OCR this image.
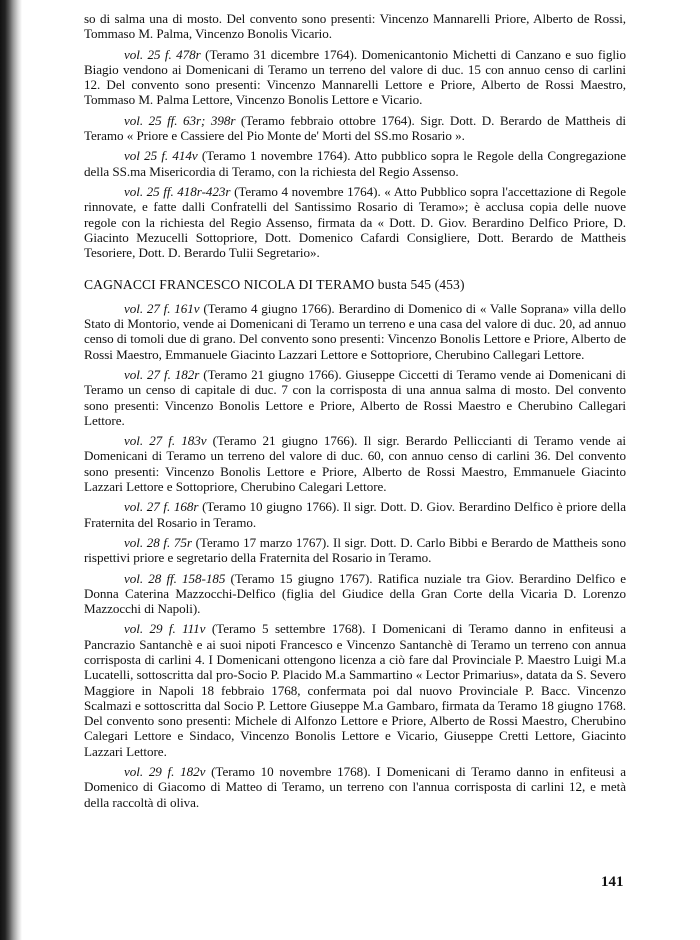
so di salma una di mosto. Del convento sono presenti: Vincenzo Mannarelli Priore, Alberto de Rossi, Tommaso M. Palma, Vincenzo Bonolis Vicario.

vol. 25 f. 478r (Teramo 31 dicembre 1764). Domenicantonio Michetti di Canzano e suo figlio Biagio vendono ai Domenicani di Teramo un terreno del valore di duc. 15 con annuo censo di carlini 12. Del convento sono presenti: Vincenzo Mannarelli Lettore e Priore, Alberto de Rossi Maestro, Tommaso M. Palma Lettore, Vincenzo Bonolis Lettore e Vicario.

vol. 25 ff. 63r; 398r (Teramo febbraio ottobre 1764). Sigr. Dott. D. Berardo de Mattheis di Teramo « Priore e Cassiere del Pio Monte de' Morti del SS.mo Rosario ».

vol 25 f. 414v (Teramo 1 novembre 1764). Atto pubblico sopra le Regole della Congregazione della SS.ma Misericordia di Teramo, con la richiesta del Regio Assenso.

vol. 25 ff. 418r-423r (Teramo 4 novembre 1764). « Atto Pubblico sopra l'accettazione di Regole rinnovate, e fatte dalli Confratelli del Santissimo Rosario di Teramo»; è acclusa copia delle nuove regole con la richiesta del Regio Assenso, firmata da « Dott. D. Giov. Berardino Delfico Priore, D. Giacinto Mezucelli Sottopriore, Dott. Domenico Cafardi Consigliere, Dott. Berardo de Mattheis Tesoriere, Dott. D. Berardo Tulii Segretario».

CAGNACCI FRANCESCO NICOLA DI TERAMO busta 545 (453)

vol. 27 f. 161v (Teramo 4 giugno 1766). Berardino di Domenico di « Valle Soprana» villa dello Stato di Montorio, vende ai Domenicani di Teramo un terreno e una casa del valore di duc. 20, ad annuo censo di tomoli due di grano. Del convento sono presenti: Vincenzo Bonolis Lettore e Priore, Alberto de Rossi Maestro, Emmanuele Giacinto Lazzari Lettore e Sottopriore, Cherubino Callegari Lettore.

vol. 27 f. 182r (Teramo 21 giugno 1766). Giuseppe Ciccetti di Teramo vende ai Domenicani di Teramo un censo di capitale di duc. 7 con la corrisposta di una annua salma di mosto. Del convento sono presenti: Vincenzo Bonolis Lettore e Priore, Alberto de Rossi Maestro e Cherubino Callegari Lettore.

vol. 27 f. 183v (Teramo 21 giugno 1766). Il sigr. Berardo Pelliccianti di Teramo vende ai Domenicani di Teramo un terreno del valore di duc. 60, con annuo censo di carlini 36. Del convento sono presenti: Vincenzo Bonolis Lettore e Priore, Alberto de Rossi Maestro, Emmanuele Giacinto Lazzari Lettore e Sottopriore, Cherubino Calegari Lettore.

vol. 27 f. 168r (Teramo 10 giugno 1766). Il sigr. Dott. D. Giov. Berardino Delfico è priore della Fraternita del Rosario in Teramo.

vol. 28 f. 75r (Teramo 17 marzo 1767). Il sigr. Dott. D. Carlo Bibbi e Berardo de Mattheis sono rispettivi priore e segretario della Fraternita del Rosario in Teramo.

vol. 28 ff. 158-185 (Teramo 15 giugno 1767). Ratifica nuziale tra Giov. Berardino Delfico e Donna Caterina Mazzocchi-Delfico (figlia del Giudice della Gran Corte della Vicaria D. Lorenzo Mazzocchi di Napoli).

vol. 29 f. 111v (Teramo 5 settembre 1768). I Domenicani di Teramo danno in enfiteusi a Pancrazio Santanchè e ai suoi nipoti Francesco e Vincenzo Santanchè di Teramo un terreno con annua corrisposta di carlini 4. I Domenicani ottengono licenza a ciò fare dal Provinciale P. Maestro Luigi M.a Lucatelli, sottoscritta dal pro-Socio P. Placido M.a Sammartino « Lector Primarius», datata da S. Severo Maggiore in Napoli 18 febbraio 1768, confermata poi dal nuovo Provinciale P. Bacc. Vincenzo Scalmazi e sottoscritta dal Socio P. Lettore Giuseppe M.a Gambaro, firmata da Teramo 18 giugno 1768. Del convento sono presenti: Michele di Alfonzo Lettore e Priore, Alberto de Rossi Maestro, Cherubino Calegari Lettore e Sindaco, Vincenzo Bonolis Lettore e Vicario, Giuseppe Cretti Lettore, Giacinto Lazzari Lettore.

vol. 29 f. 182v (Teramo 10 novembre 1768). I Domenicani di Teramo danno in enfiteusi a Domenico di Giacomo di Matteo di Teramo, un terreno con l'annua corrisposta di carlini 12, e metà della raccoltà di oliva.

141
